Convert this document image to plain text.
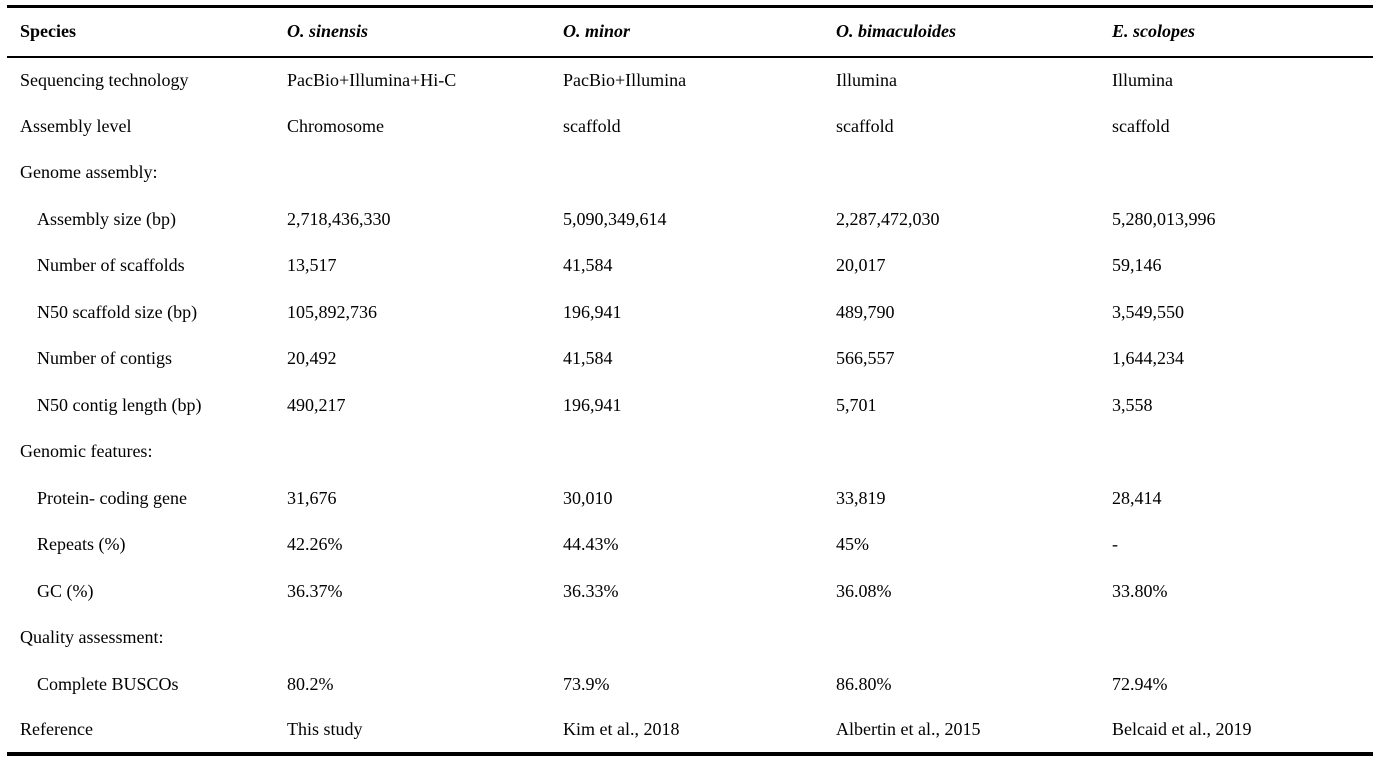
Species	O. sinensis	O. minor	O. bimaculoides	E. scolopes
Sequencing technology	PacBio+Illumina+Hi-C	PacBio+Illumina	Illumina	Illumina
Assembly level	Chromosome	scaffold	scaffold	scaffold
Genome assembly:				
Assembly size (bp)	2,718,436,330	5,090,349,614	2,287,472,030	5,280,013,996
Number of scaffolds	13,517	41,584	20,017	59,146
N50 scaffold size (bp)	105,892,736	196,941	489,790	3,549,550
Number of contigs	20,492	41,584	566,557	1,644,234
N50 contig length (bp)	490,217	196,941	5,701	3,558
Genomic features:				
Protein- coding gene	31,676	30,010	33,819	28,414
Repeats (%)	42.26%	44.43%	45%	-
GC (%)	36.37%	36.33%	36.08%	33.80%
Quality assessment:				
Complete BUSCOs	80.2%	73.9%	86.80%	72.94%
Reference	This study	Kim et al., 2018	Albertin et al., 2015	Belcaid et al., 2019
